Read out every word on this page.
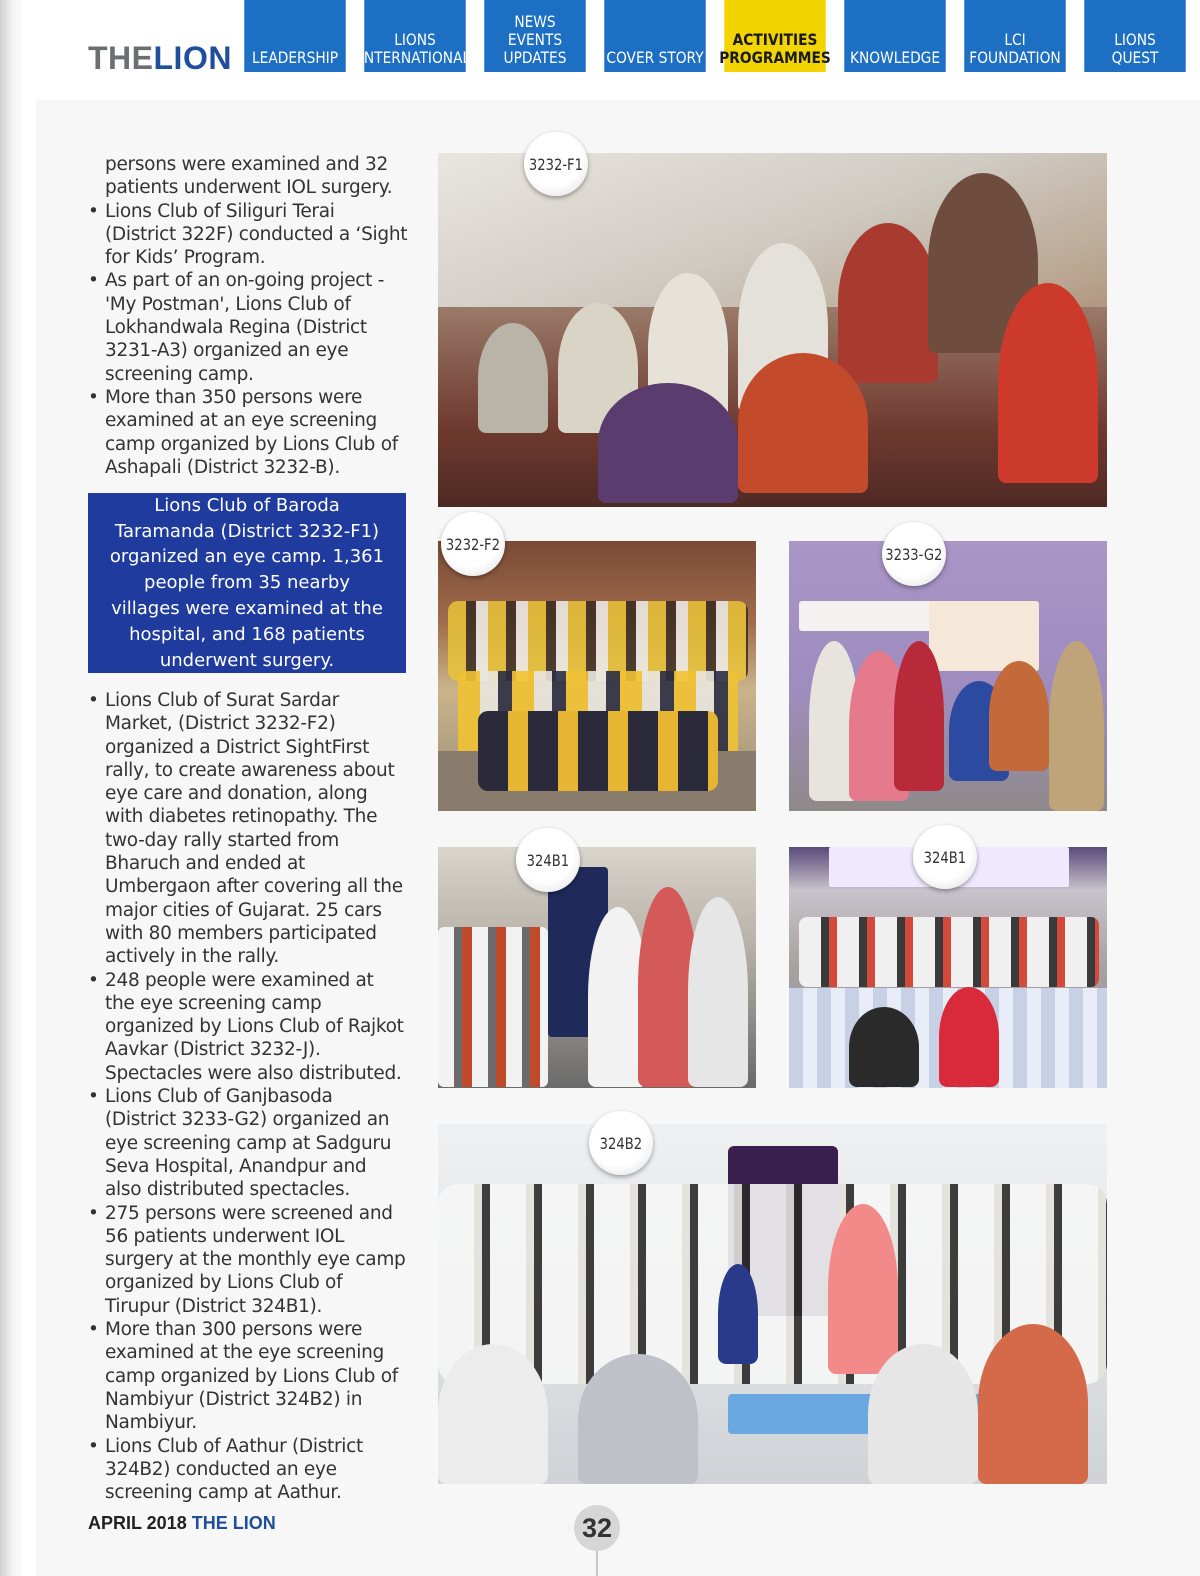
THELION	LEADERSHIP
LIONS
INTERNATIONAL
NEWS
EVENTS
UPDATES	COVER STORY
ACTIVITIES
PROGRAMMES	KNOWLEDGE
LCI
FOUNDATION
LIONS
QUEST

persons were examined and 32 patients underwent IOL surgery.

• Lions Club of Siliguri Terai (District 322F) conducted a ‘Sight for Kids’ Program.
• As part of an on-going project - 'My Postman', Lions Club of Lokhandwala Regina (District 3231-A3) organized an eye screening camp.
• More than 350 persons were examined at an eye screening camp organized by Lions Club of Ashapali (District 3232-B).

Lions Club of Baroda Taramanda (District 3232-F1) organized an eye camp. 1,361 people from 35 nearby villages were examined at the hospital, and 168 patients underwent surgery.

• Lions Club of Surat Sardar Market, (District 3232-F2) organized a District SightFirst rally, to create awareness about eye care and donation, along with diabetes retinopathy. The two-day rally started from Bharuch and ended at Umbergaon after covering all the major cities of Gujarat. 25 cars with 80 members participated actively in the rally.
• 248 people were examined at the eye screening camp organized by Lions Club of Rajkot Aavkar (District 3232-J). Spectacles were also distributed.
• Lions Club of Ganjbasoda (District 3233-G2) organized an eye screening camp at Sadguru Seva Hospital, Anandpur and also distributed spectacles.
• 275 persons were screened and 56 patients underwent IOL surgery at the monthly eye camp organized by Lions Club of Tirupur (District 324B1).
• More than 300 persons were examined at the eye screening camp organized by Lions Club of Nambiyur (District 324B2) in Nambiyur.
• Lions Club of Aathur (District 324B2) conducted an eye screening camp at Aathur.
3232-F1
3232-F2
3233-G2
324B1	324B1
324B2
APRIL 2018 THE LION	32
